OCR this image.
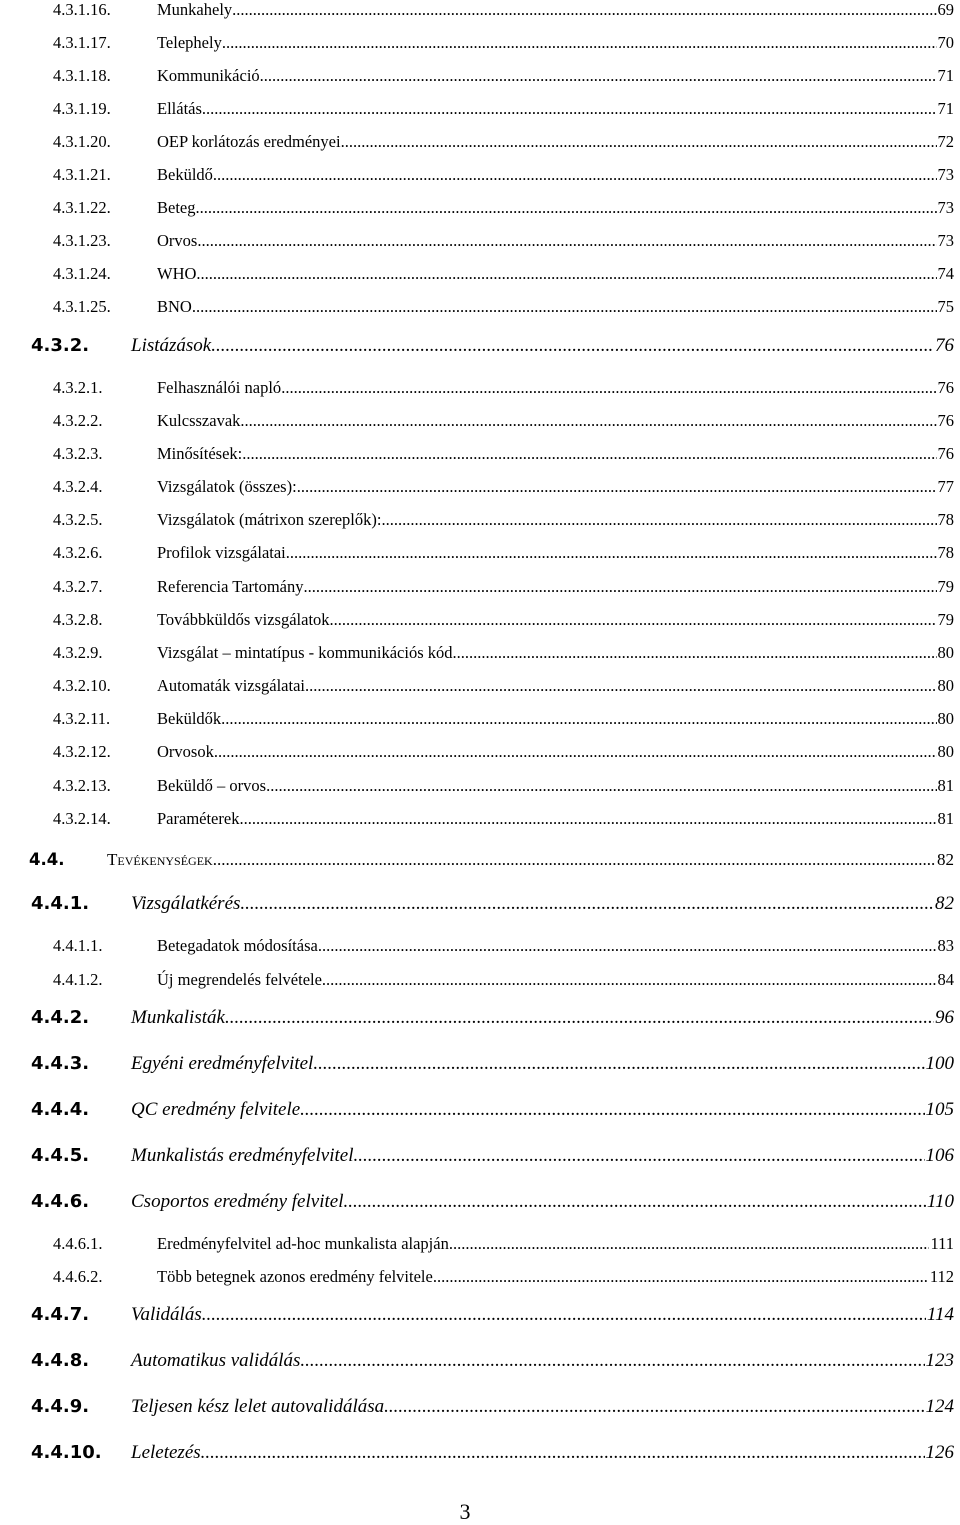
4.3.1.16.	Munkahely .....	69
4.3.1.17.	Telephely .....	70
4.3.1.18.	Kommunikáció .....	71
4.3.1.19.	Ellátás .....	71
4.3.1.20.	OEP korlátozás eredményei .....	72
4.3.1.21.	Beküldő .....	73
4.3.1.22.	Beteg .....	73
4.3.1.23.	Orvos .....	73
4.3.1.24.	WHO .....	74
4.3.1.25.	BNO .....	75
4.3.2. Listázások .....	76
4.3.2.1.	Felhasználói napló .....	76
4.3.2.2.	Kulcsszavak .....	76
4.3.2.3.	Minősítések: .....	76
4.3.2.4.	Vizsgálatok (összes): .....	77
4.3.2.5.	Vizsgálatok (mátrixon szereplők): .....	78
4.3.2.6.	Profilok vizsgálatai .....	78
4.3.2.7.	Referencia Tartomány .....	79
4.3.2.8.	Továbbküldős vizsgálatok .....	79
4.3.2.9.	Vizsgálat – mintatípus - kommunikációs kód .....	80
4.3.2.10.	Automaták vizsgálatai .....	80
4.3.2.11.	Beküldők .....	80
4.3.2.12.	Orvosok .....	80
4.3.2.13.	Beküldő – orvos .....	81
4.3.2.14.	Paraméterek .....	81
4.4.	Tevékenységek .....	82
4.4.1. Vizsgálatkérés .....	82
4.4.1.1.	Betegadatok módosítása .....	83
4.4.1.2.	Új megrendelés felvétele .....	84
4.4.2. Munkalisták .....	96
4.4.3. Egyéni eredményfelvitel .....	100
4.4.4. QC eredmény felvitele .....	105
4.4.5. Munkalistás eredményfelvitel .....	106
4.4.6. Csoportos eredmény felvitel .....	110
4.4.6.1.	Eredményfelvitel ad-hoc munkalista alapján .....	111
4.4.6.2.	Több betegnek azonos eredmény felvitele .....	112
4.4.7. Validálás .....	114
4.4.8. Automatikus validálás .....	123
4.4.9. Teljesen kész lelet autovalidálása .....	124
4.4.10. Leletezés .....	126
3
